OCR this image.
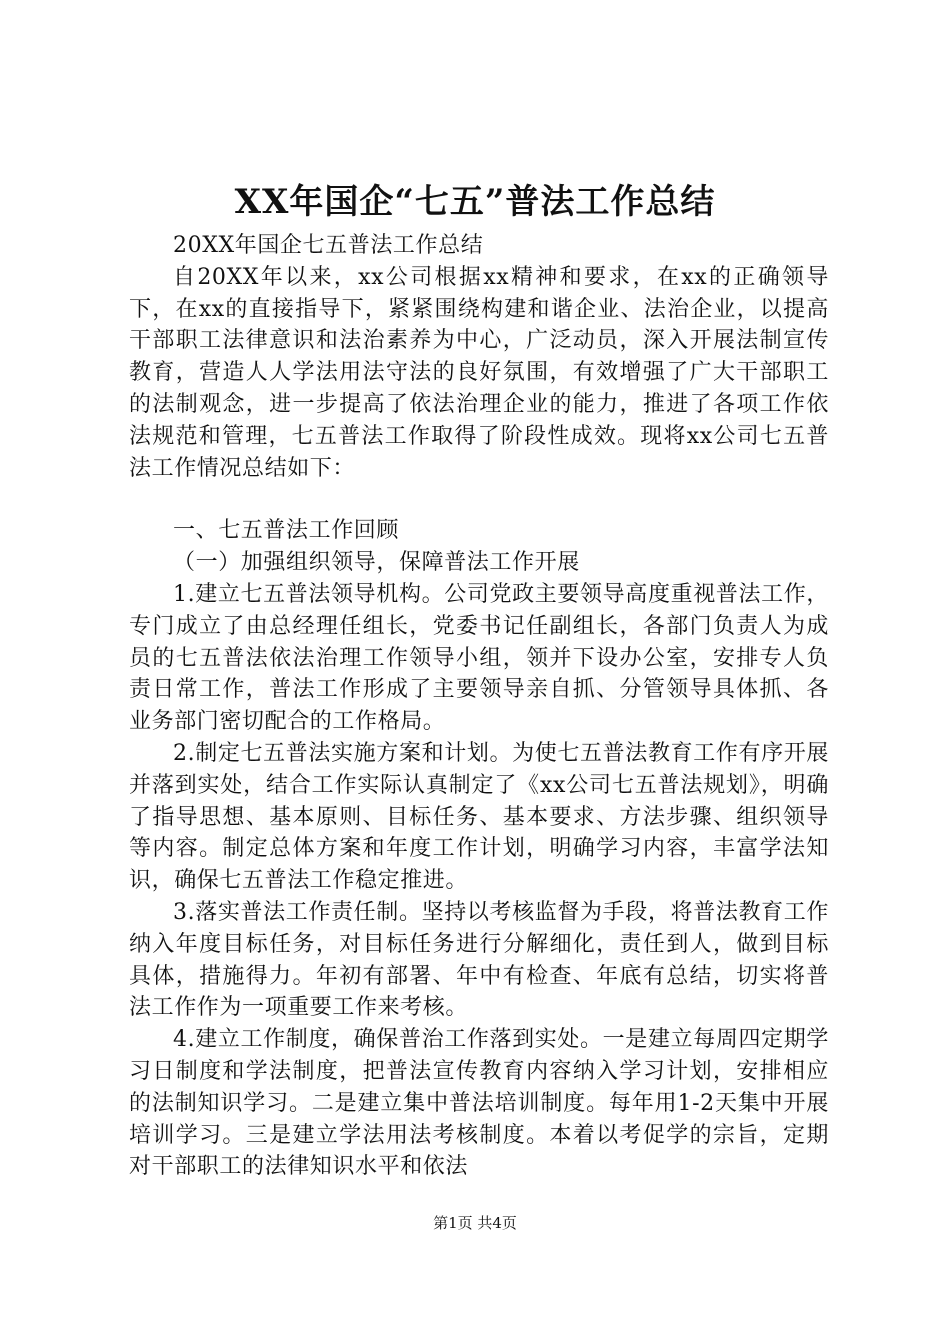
XX年国企“七五”普法工作总结

20XX年国企七五普法工作总结

自20XX年以来，xx公司根据xx精神和要求，在xx的正确领导下，在xx的直接指导下，紧紧围绕构建和谐企业、法治企业，以提高干部职工法律意识和法治素养为中心，广泛动员，深入开展法制宣传教育，营造人人学法用法守法的良好氛围，有效增强了广大干部职工的法制观念，进一步提高了依法治理企业的能力，推进了各项工作依法规范和管理，七五普法工作取得了阶段性成效。现将xx公司七五普法工作情况总结如下：

一、七五普法工作回顾

（一）加强组织领导，保障普法工作开展

1.建立七五普法领导机构。公司党政主要领导高度重视普法工作，专门成立了由总经理任组长，党委书记任副组长，各部门负责人为成员的七五普法依法治理工作领导小组，领并下设办公室，安排专人负责日常工作，普法工作形成了主要领导亲自抓、分管领导具体抓、各业务部门密切配合的工作格局。

2.制定七五普法实施方案和计划。为使七五普法教育工作有序开展并落到实处，结合工作实际认真制定了《xx公司七五普法规划》，明确了指导思想、基本原则、目标任务、基本要求、方法步骤、组织领导等内容。制定总体方案和年度工作计划，明确学习内容，丰富学法知识，确保七五普法工作稳定推进。

3.落实普法工作责任制。坚持以考核监督为手段，将普法教育工作纳入年度目标任务，对目标任务进行分解细化，责任到人，做到目标具体，措施得力。年初有部署、年中有检查、年底有总结，切实将普法工作作为一项重要工作来考核。

4.建立工作制度，确保普治工作落到实处。一是建立每周四定期学习日制度和学法制度，把普法宣传教育内容纳入学习计划，安排相应的法制知识学习。二是建立集中普法培训制度。每年用1-2天集中开展培训学习。三是建立学法用法考核制度。本着以考促学的宗旨，定期对干部职工的法律知识水平和依法

第1页 共4页
